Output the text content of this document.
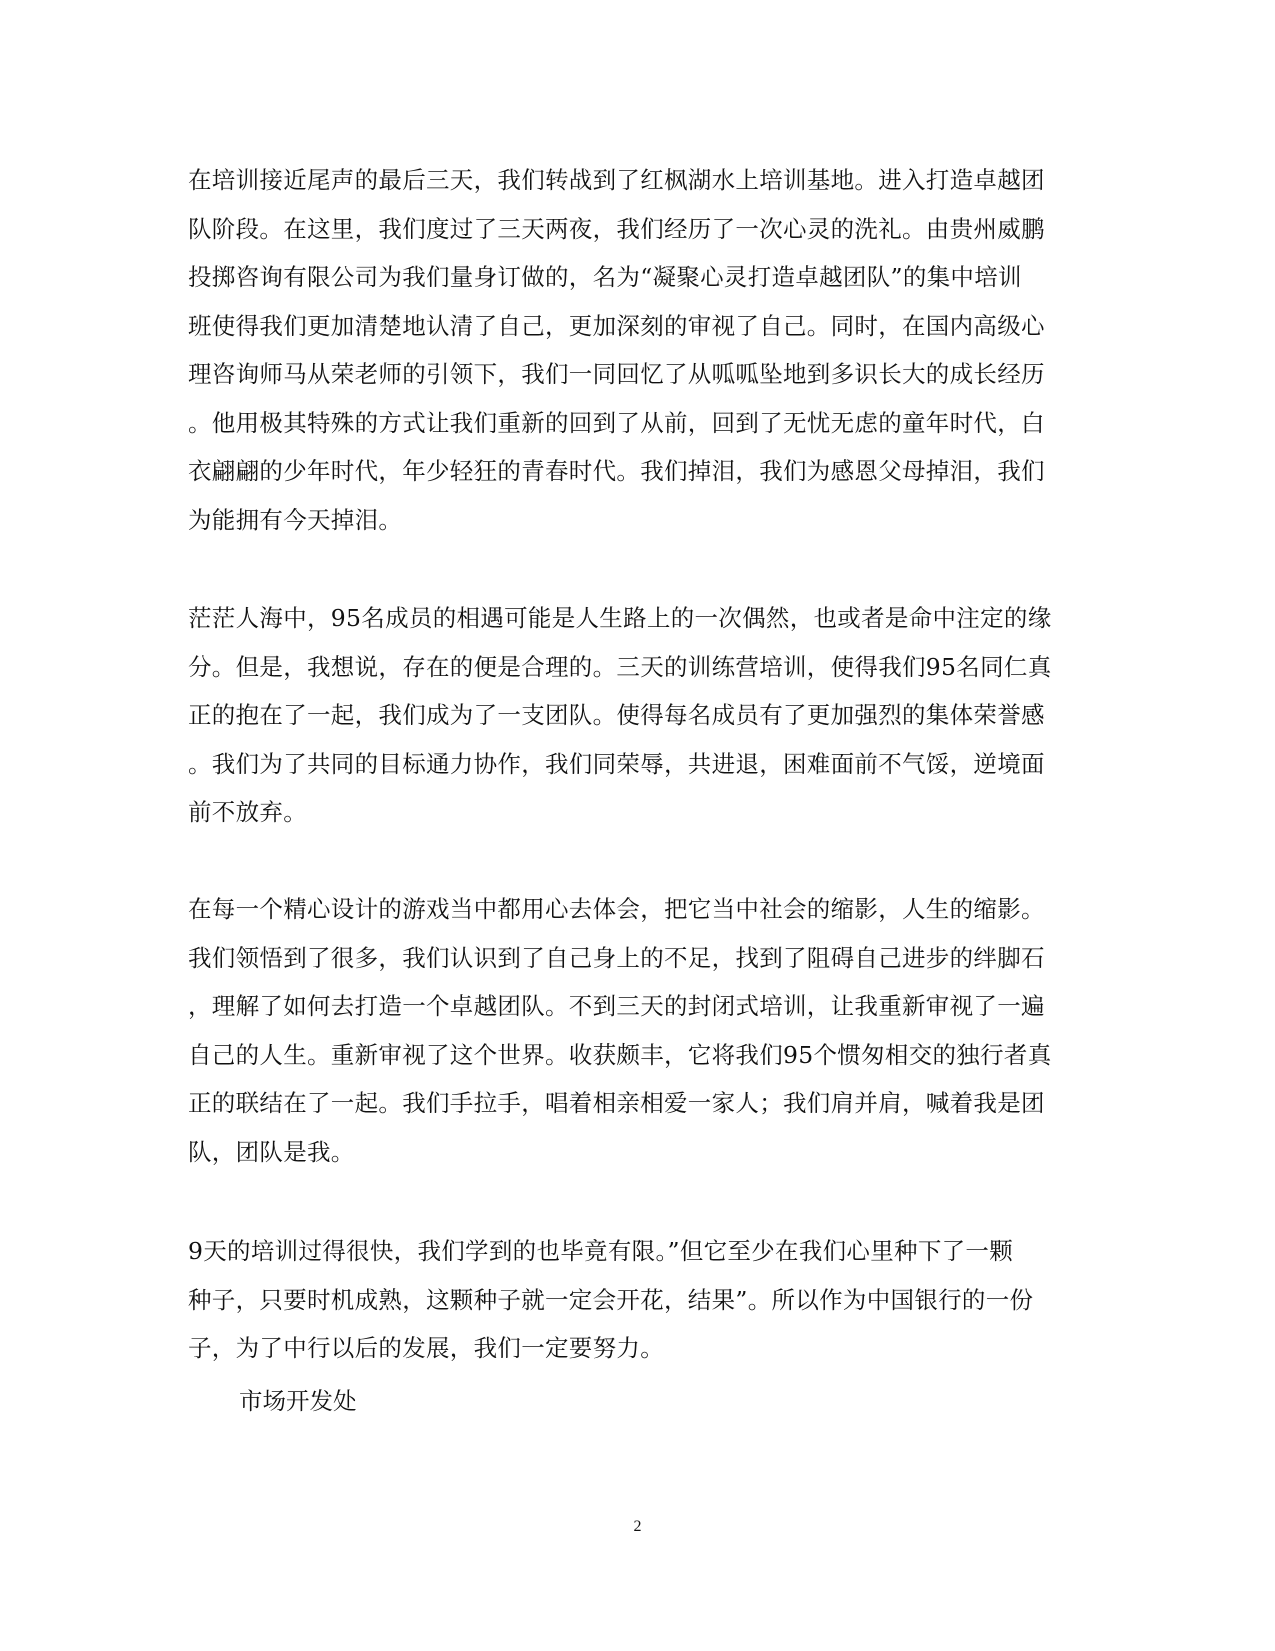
在培训接近尾声的最后三天，我们转战到了红枫湖水上培训基地。进入打造卓越团
队阶段。在这里，我们度过了三天两夜，我们经历了一次心灵的洗礼。由贵州威鹏
投掷咨询有限公司为我们量身订做的，名为“凝聚心灵打造卓越团队”的集中培训
班使得我们更加清楚地认清了自己，更加深刻的审视了自己。同时，在国内高级心
理咨询师马从荣老师的引领下，我们一同回忆了从呱呱坠地到多识长大的成长经历
。他用极其特殊的方式让我们重新的回到了从前，回到了无忧无虑的童年时代，白
衣翩翩的少年时代，年少轻狂的青春时代。我们掉泪，我们为感恩父母掉泪，我们
为能拥有今天掉泪。
茫茫人海中，95名成员的相遇可能是人生路上的一次偶然，也或者是命中注定的缘
分。但是，我想说，存在的便是合理的。三天的训练营培训，使得我们95名同仁真
正的抱在了一起，我们成为了一支团队。使得每名成员有了更加强烈的集体荣誉感
。我们为了共同的目标通力协作，我们同荣辱，共进退，困难面前不气馁，逆境面
前不放弃。
在每一个精心设计的游戏当中都用心去体会，把它当中社会的缩影，人生的缩影。
我们领悟到了很多，我们认识到了自己身上的不足，找到了阻碍自己进步的绊脚石
，理解了如何去打造一个卓越团队。不到三天的封闭式培训，让我重新审视了一遍
自己的人生。重新审视了这个世界。收获颇丰，它将我们95个惯匆相交的独行者真
正的联结在了一起。我们手拉手，唱着相亲相爱一家人；我们肩并肩，喊着我是团
队，团队是我。
9天的培训过得很快，我们学到的也毕竟有限。”但它至少在我们心里种下了一颗
种子，只要时机成熟，这颗种子就一定会开花，结果”。所以作为中国银行的一份
子，为了中行以后的发展，我们一定要努力。
市场开发处
2
